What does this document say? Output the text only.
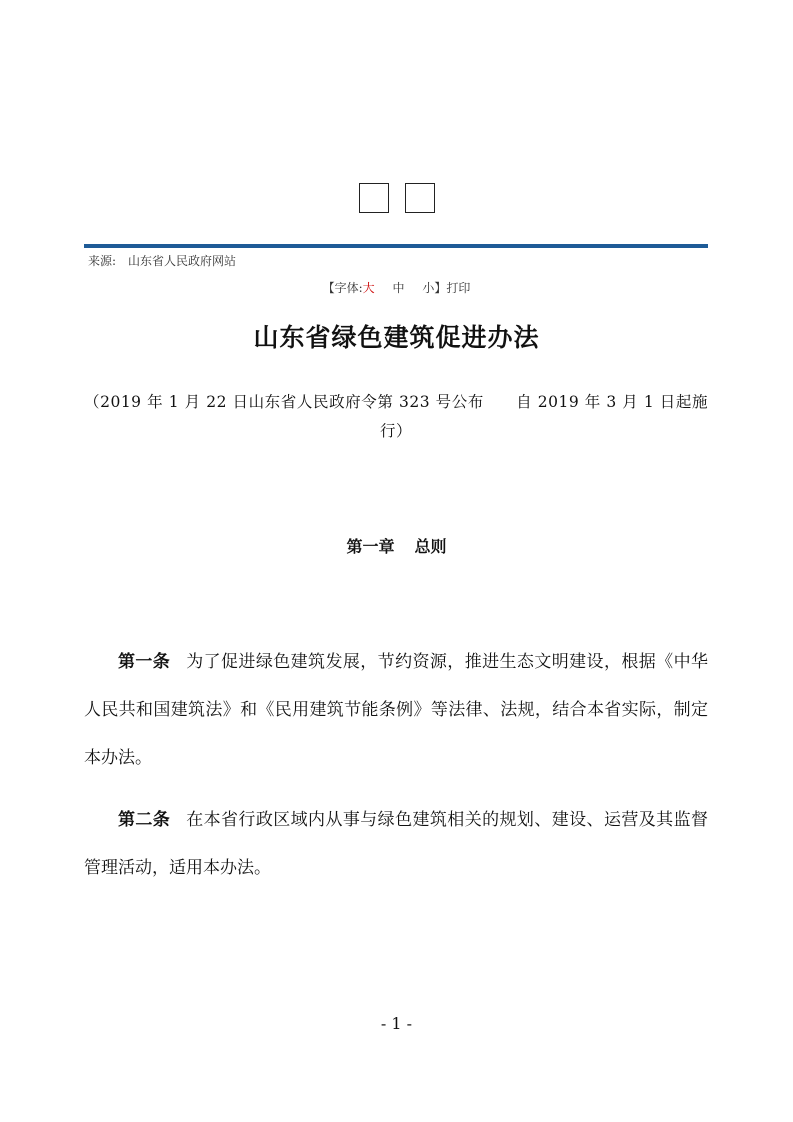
来源: 山东省人民政府网站
【字体:大 中 小】打印
山东省绿色建筑促进办法
（2019 年 1 月 22 日山东省人民政府令第 323 号公布　　自 2019 年 3 月 1 日起施行）
第一章 总则
第一条 为了促进绿色建筑发展，节约资源，推进生态文明建设，根据《中华人民共和国建筑法》和《民用建筑节能条例》等法律、法规，结合本省实际，制定本办法。
第二条 在本省行政区域内从事与绿色建筑相关的规划、建设、运营及其监督管理活动，适用本办法。
- 1 -
